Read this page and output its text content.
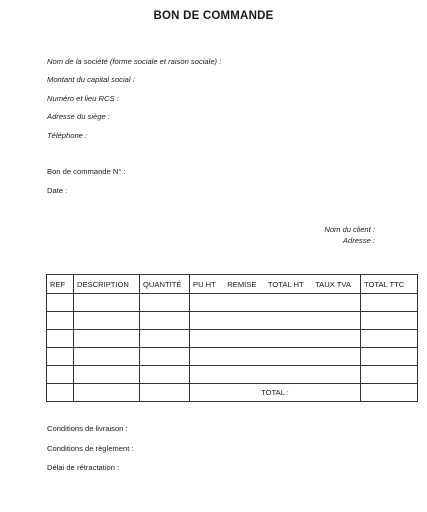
BON DE COMMANDE
Nom de la société (forme sociale et raison sociale) :
Montant du capital social :
Numéro et lieu RCS :
Adresse du siège :
Téléphone :
Bon de commande N° :
Date :
Nom du client :
Adresse :
REF	DESCRIPTION	QUANTITÉ	PU HT REMISE TOTAL HT TAUX TVA	TOTAL TTC

			TOTAL :	
Conditions de livraison :
Conditions de règlement :
Délai de rétractation :
